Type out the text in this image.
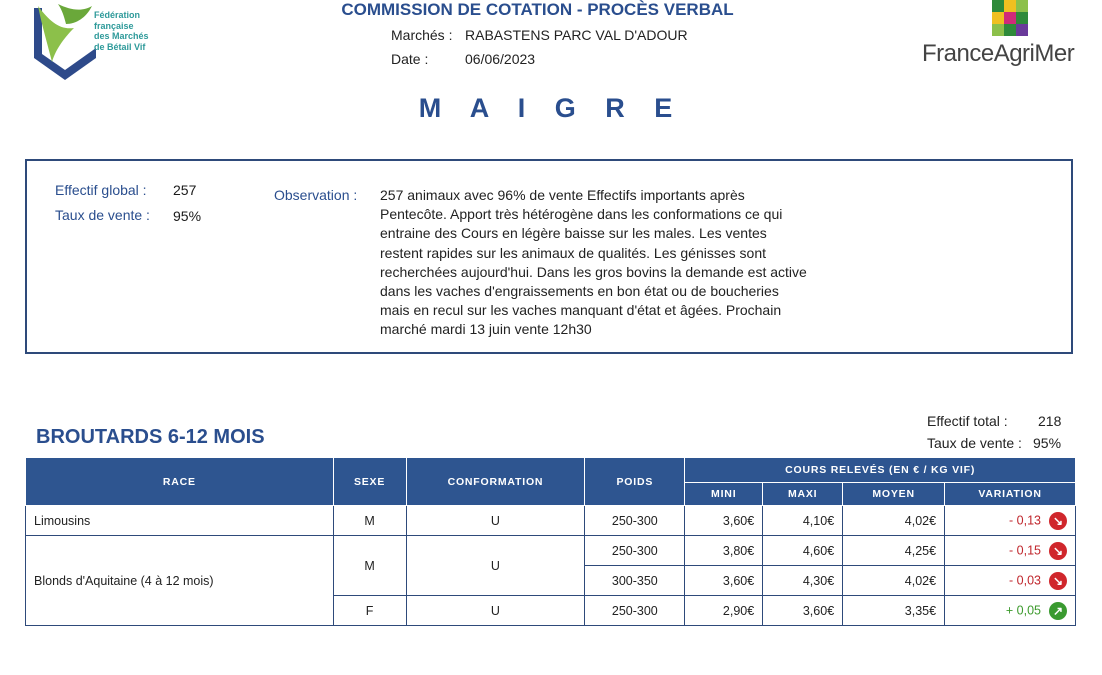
Fédération
française
des Marchés
de Bétail Vif
COMMISSION DE COTATION - PROCÈS VERBAL
Marchés : RABASTENS PARC VAL D'ADOUR
Date :	06/06/2023	FranceAgriMer
M A I G R E
Effectif global : 257
Taux de vente : 95%
Observation : 257 animaux avec 96% de vente Effectifs importants après
Pentecôte. Apport très hétérogène dans les conformations ce qui
entraine des Cours en légère baisse sur les males. Les ventes
restent rapides sur les animaux de qualités. Les génisses sont
recherchées aujourd'hui. Dans les gros bovins la demande est active
dans les vaches d'engraissements en bon état ou de boucheries
mais en recul sur les vaches manquant d'état et âgées. Prochain
marché mardi 13 juin vente 12h30
BROUTARDS 6-12 MOIS
Effectif total : 218
Taux de vente : 95%
RACE	SEXE	CONFORMATION	POIDS	COURS RELEVÉS (EN € / KG VIF)			
				MINI	MAXI	MOYEN	VARIATION
Limousins	M	U	250-300	3,60€	4,10€	4,02€	- 0,13 ↘
Blonds d'Aquitaine (4 à 12 mois)	M	U	250-300	3,80€	4,60€	4,25€	- 0,15 ↘
			300-350	3,60€	4,30€	4,02€	- 0,03 ↘
	F	U	250-300	2,90€	3,60€	3,35€	+ 0,05 ↗
